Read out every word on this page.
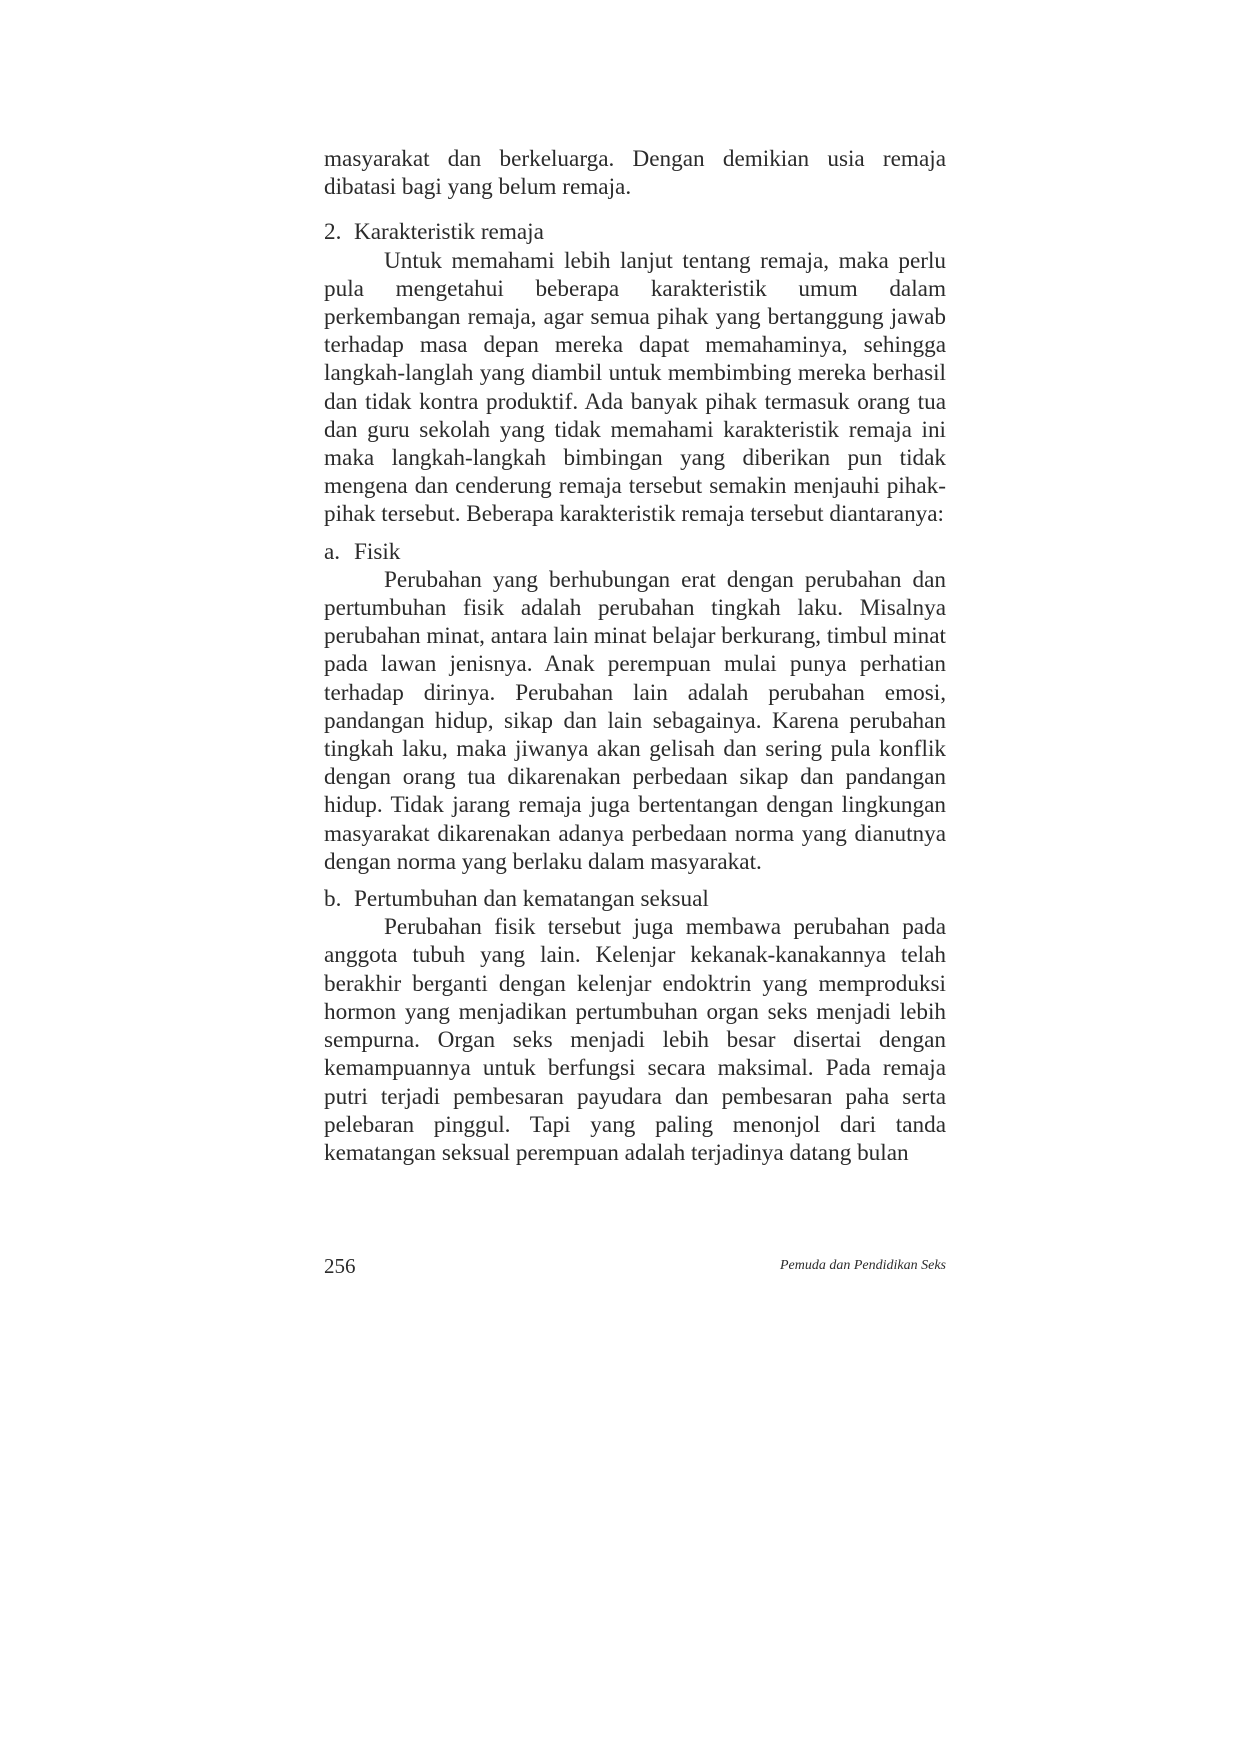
masyarakat dan berkeluarga. Dengan demikian usia remaja dibatasi bagi yang belum remaja.

2. Karakteristik remaja

Untuk memahami lebih lanjut tentang remaja, maka perlu pula mengetahui beberapa karakteristik umum dalam perkembangan remaja, agar semua pihak yang bertanggung jawab terhadap masa depan mereka dapat memahaminya, sehingga langkah-langlah yang diambil untuk membimbing mereka berhasil dan tidak kontra produktif. Ada banyak pihak termasuk orang tua dan guru sekolah yang tidak memahami karakteristik remaja ini maka langkah-langkah bimbingan yang diberikan pun tidak mengena dan cenderung remaja tersebut semakin menjauhi pihak-pihak tersebut. Beberapa karakteristik remaja tersebut diantaranya:

a. Fisik

Perubahan yang berhubungan erat dengan perubahan dan pertumbuhan fisik adalah perubahan tingkah laku. Misalnya perubahan minat, antara lain minat belajar berkurang, timbul minat pada lawan jenisnya. Anak perempuan mulai punya perhatian terhadap dirinya. Perubahan lain adalah perubahan emosi, pandangan hidup, sikap dan lain sebagainya. Karena perubahan tingkah laku, maka jiwanya akan gelisah dan sering pula konflik dengan orang tua dikarenakan perbedaan sikap dan pandangan hidup. Tidak jarang remaja juga bertentangan dengan lingkungan masyarakat dikarenakan adanya perbedaan norma yang dianutnya dengan norma yang berlaku dalam masyarakat.

b. Pertumbuhan dan kematangan seksual

Perubahan fisik tersebut juga membawa perubahan pada anggota tubuh yang lain. Kelenjar kekanak-kanakannya telah berakhir berganti dengan kelenjar endoktrin yang memproduksi hormon yang menjadikan pertumbuhan organ seks menjadi lebih sempurna. Organ seks menjadi lebih besar disertai dengan kemampuannya untuk berfungsi secara maksimal. Pada remaja putri terjadi pembesaran payudara dan pembesaran paha serta pelebaran pinggul. Tapi yang paling menonjol dari tanda kematangan seksual perempuan adalah terjadinya datang bulan

256	Pemuda dan Pendidikan Seks
